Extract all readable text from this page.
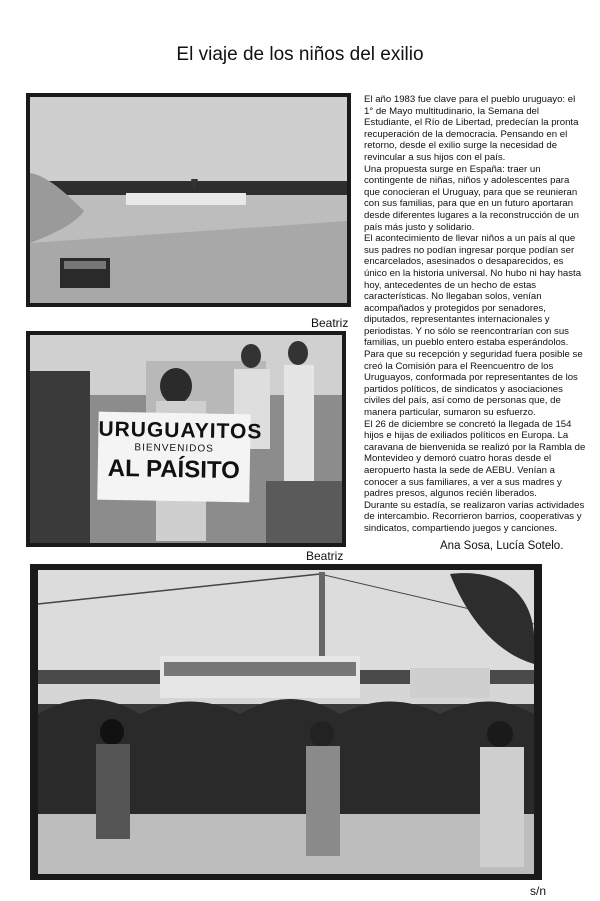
El viaje de los niños del exilio
Beatriz
URUGUAYITOS
BIENVENIDOS
AL PAÍSITO
Beatriz
s/n

El año 1983 fue clave para el pueblo uruguayo: el 1° de Mayo multitudinario, la Semana del Estudiante, el Río de Libertad, predecían la pronta recuperación de la democracia. Pensando en el retorno, desde el exilio surge la necesidad de revincular a sus hijos con el país.

Una propuesta surge en España: traer un contingente de niñas, niños y adolescentes para que conocieran el Uruguay, para que se reunieran con sus familias, para que en un futuro aportaran desde diferentes lugares a la reconstrucción de un país más justo y solidario.

El acontecimiento de llevar niños a un país al que sus padres no podían ingresar porque podían ser encarcelados, asesinados o desaparecidos, es único en la historia universal. No hubo ni hay hasta hoy, antecedentes de un hecho de estas características. No llegaban solos, venían acompañados y protegidos por senadores, diputados, representantes internacionales y periodistas. Y no sólo se reencontrarían con sus familias, un pueblo entero estaba esperándolos.

Para que su recepción y seguridad fuera posible se creó la Comisión para el Reencuentro de los Uruguayos, conformada por representantes de los partidos políticos, de sindicatos y asociaciones civiles del país, así como de personas que, de manera particular, sumaron su esfuerzo.

El 26 de diciembre se concretó la llegada de 154 hijos e hijas de exiliados políticos en Europa. La caravana de bienvenida se realizó por la Rambla de Montevideo y demoró cuatro horas desde el aeropuerto hasta la sede de AEBU. Venían a conocer a sus familiares, a ver a sus madres y padres presos, algunos recién liberados.

Durante su estadía, se realizaron varias actividades de intercambio. Recorrieron barrios, cooperativas y sindicatos, compartiendo juegos y canciones.

Ana Sosa, Lucía Sotelo.
